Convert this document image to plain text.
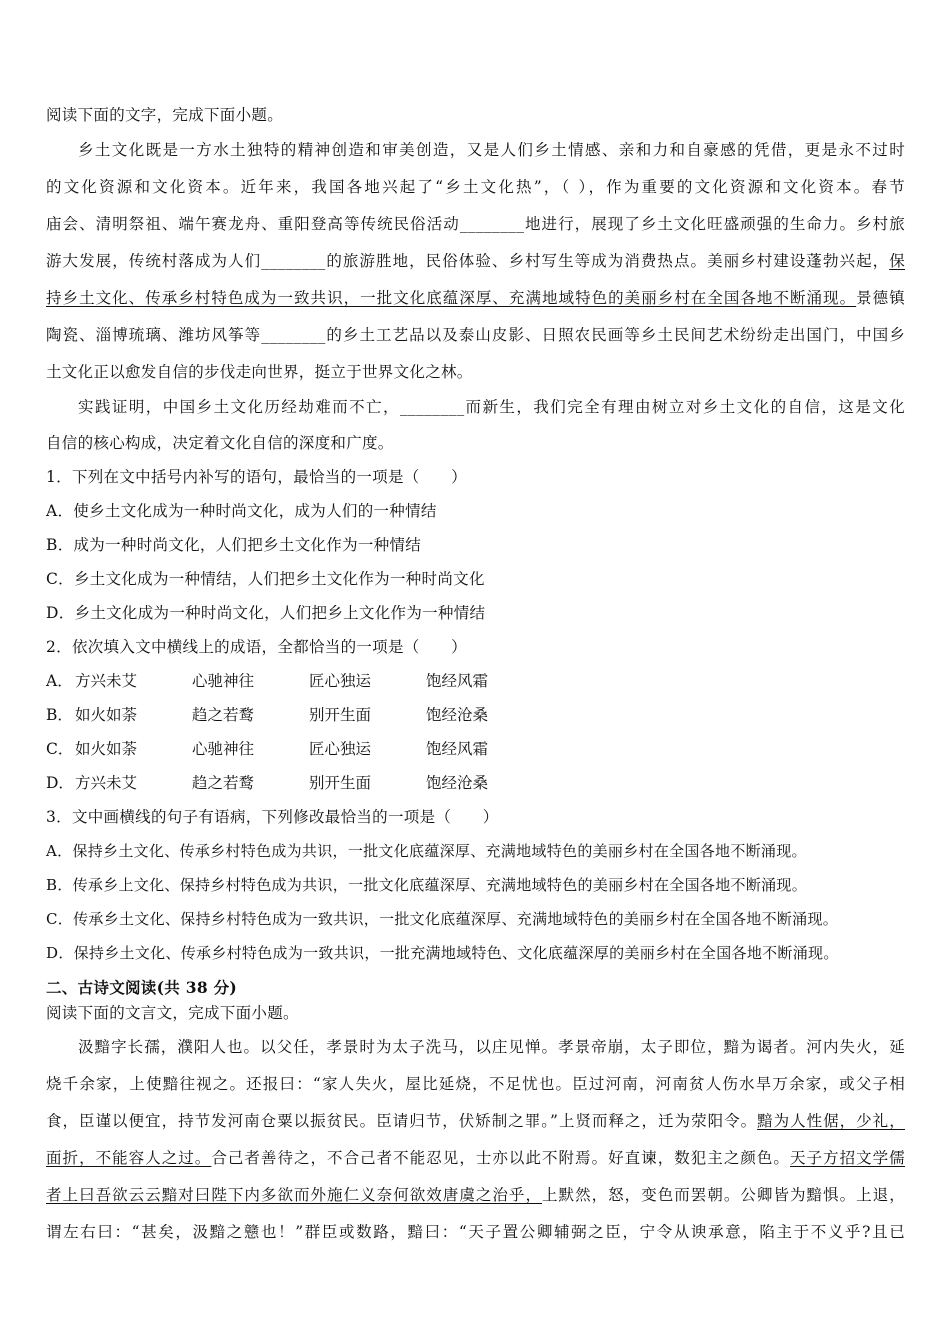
阅读下面的文字，完成下面小题。
乡土文化既是一方水土独特的精神创造和审美创造，又是人们乡土情感、亲和力和自豪感的凭借，更是永不过时
的文化资源和文化资本。近年来，我国各地兴起了“乡土文化热”，（ ），作为重要的文化资源和文化资本。春节
庙会、清明祭祖、端午赛龙舟、重阳登高等传统民俗活动________地进行，展现了乡土文化旺盛顽强的生命力。乡村旅
游大发展，传统村落成为人们________的旅游胜地，民俗体验、乡村写生等成为消费热点。美丽乡村建设蓬勃兴起，保
持乡土文化、传承乡村特色成为一致共识，一批文化底蕴深厚、充满地域特色的美丽乡村在全国各地不断涌现。景德镇
陶瓷、淄博琉璃、潍坊风筝等________的乡土工艺品以及泰山皮影、日照农民画等乡土民间艺术纷纷走出国门，中国乡
土文化正以愈发自信的步伐走向世界，挺立于世界文化之林。
实践证明，中国乡土文化历经劫难而不亡，________而新生，我们完全有理由树立对乡土文化的自信，这是文化
自信的核心构成，决定着文化自信的深度和广度。
1．下列在文中括号内补写的语句，最恰当的一项是（　　）
A．使乡土文化成为一种时尚文化，成为人们的一种情结
B．成为一种时尚文化，人们把乡土文化作为一种情结
C．乡土文化成为一种情结，人们把乡土文化作为一种时尚文化
D．乡土文化成为一种时尚文化，人们把乡上文化作为一种情结
2．依次填入文中横线上的成语，全都恰当的一项是（　　）
A． 方兴未艾	心驰神往	匠心独运	饱经风霜
B． 如火如荼	趋之若鹜	别开生面	饱经沧桑
C． 如火如荼	心驰神往	匠心独运	饱经风霜
D． 方兴未艾	趋之若鹜	别开生面	饱经沧桑
3．文中画横线的句子有语病，下列修改最恰当的一项是（　　）
A．保持乡土文化、传承乡村特色成为共识，一批文化底蕴深厚、充满地域特色的美丽乡村在全国各地不断涌现。
B．传承乡上文化、保持乡村特色成为共识，一批文化底蕴深厚、充满地域特色的美丽乡村在全国各地不断涌现。
C．传承乡土文化、保持乡村特色成为一致共识，一批文化底蕴深厚、充满地域特色的美丽乡村在全国各地不断涌现。
D．保持乡土文化、传承乡村特色成为一致共识，一批充满地域特色、文化底蕴深厚的美丽乡村在全国各地不断涌现。
二、古诗文阅读(共 38 分)
阅读下面的文言文，完成下面小题。
汲黯字长孺，濮阳人也。以父任，孝景时为太子洗马，以庄见惮。孝景帝崩，太子即位，黯为谒者。河内失火，延
烧千余家，上使黯往视之。还报曰：“家人失火，屋比延烧，不足忧也。臣过河南，河南贫人伤水旱万余家，或父子相
食，臣谨以便宜，持节发河南仓粟以振贫民。臣请归节，伏矫制之罪。”上贤而释之，迁为荥阳令。黯为人性倨，少礼，
面折，不能容人之过。合己者善待之，不合己者不能忍见，士亦以此不附焉。好直谏，数犯主之颜色。天子方招文学儒
者上曰吾欲云云黯对曰陛下内多欲而外施仁义奈何欲效唐虞之治乎，上默然，怒，变色而罢朝。公卿皆为黯惧。上退，
谓左右曰：“甚矣，汲黯之戆也！”群臣或数路，黯曰：“天子置公卿辅弼之臣，宁令从谀承意，陷主于不义乎?且已
